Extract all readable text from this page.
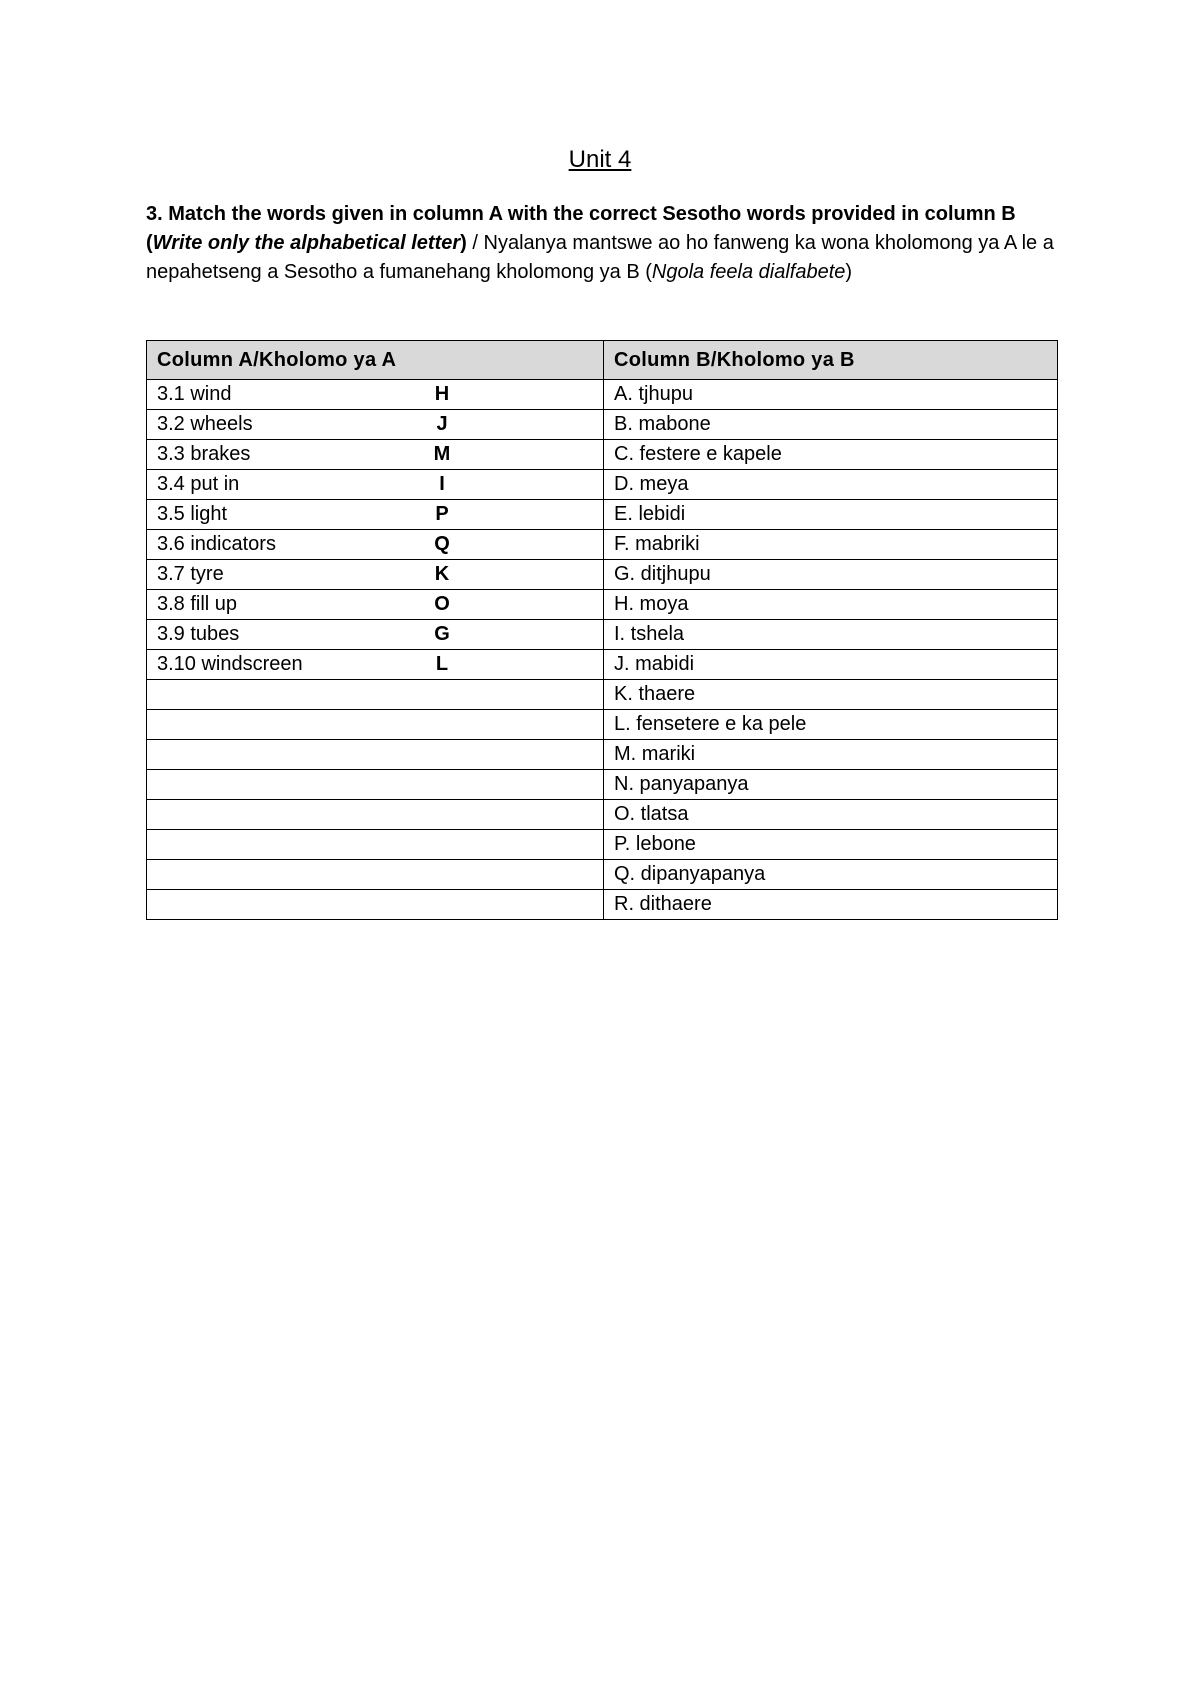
Unit 4
3. Match the words given in column A with the correct Sesotho words provided in column B (Write only the alphabetical letter) / Nyalanya mantswe ao ho fanweng ka wona kholomong ya A le a nepahetseng a Sesotho a fumanehang kholomong ya B (Ngola feela dialfabete)
Column A/Kholomo ya A	Column B/Kholomo ya B

3.1 wind H	A. tjhupu

3.2 wheels J	B. mabone

3.3 brakes M	C. festere e kapele

3.4 put in I	D. meya

3.5 light P	E. lebidi

3.6 indicators Q	F. mabriki

3.7 tyre K	G. ditjhupu

3.8 fill up O	H. moya

3.9 tubes G	I. tshela

3.10 windscreen L	J. mabidi
	K. thaere
	L. fensetere e ka pele
	M. mariki
	N. panyapanya
	O. tlatsa
	P. lebone
	Q. dipanyapanya
	R. dithaere
